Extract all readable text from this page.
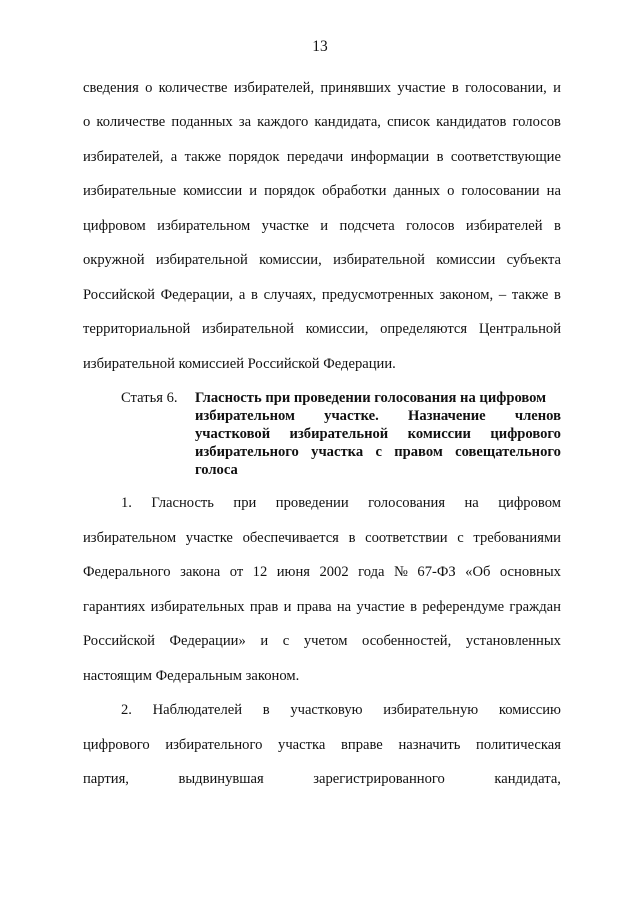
13
сведения о количестве избирателей, принявших участие в голосовании, и
о количестве поданных за каждого кандидата, список кандидатов голосов
избирателей, а также порядок передачи информации в соответствующие
избирательные комиссии и порядок обработки данных о голосовании на
цифровом избирательном участке и подсчета голосов избирателей в
окружной избирательной комиссии, избирательной комиссии субъекта
Российской Федерации, а в случаях, предусмотренных законом, – также в
территориальной избирательной комиссии, определяются Центральной
избирательной комиссией Российской Федерации.
Статья 6. Гласность при проведении голосования на цифровом
избирательном участке. Назначение членов
участковой избирательной комиссии цифрового
избирательного участка с правом совещательного
голоса
1. Гласность при проведении голосования на цифровом
избирательном участке обеспечивается в соответствии с требованиями
Федерального закона от 12 июня 2002 года № 67-ФЗ «Об основных
гарантиях избирательных прав и права на участие в референдуме граждан
Российской Федерации» и с учетом особенностей, установленных
настоящим Федеральным законом.
2. Наблюдателей в участковую избирательную комиссию
цифрового избирательного участка вправе назначить политическая
партия,	выдвинувшая	зарегистрированного	кандидата,
